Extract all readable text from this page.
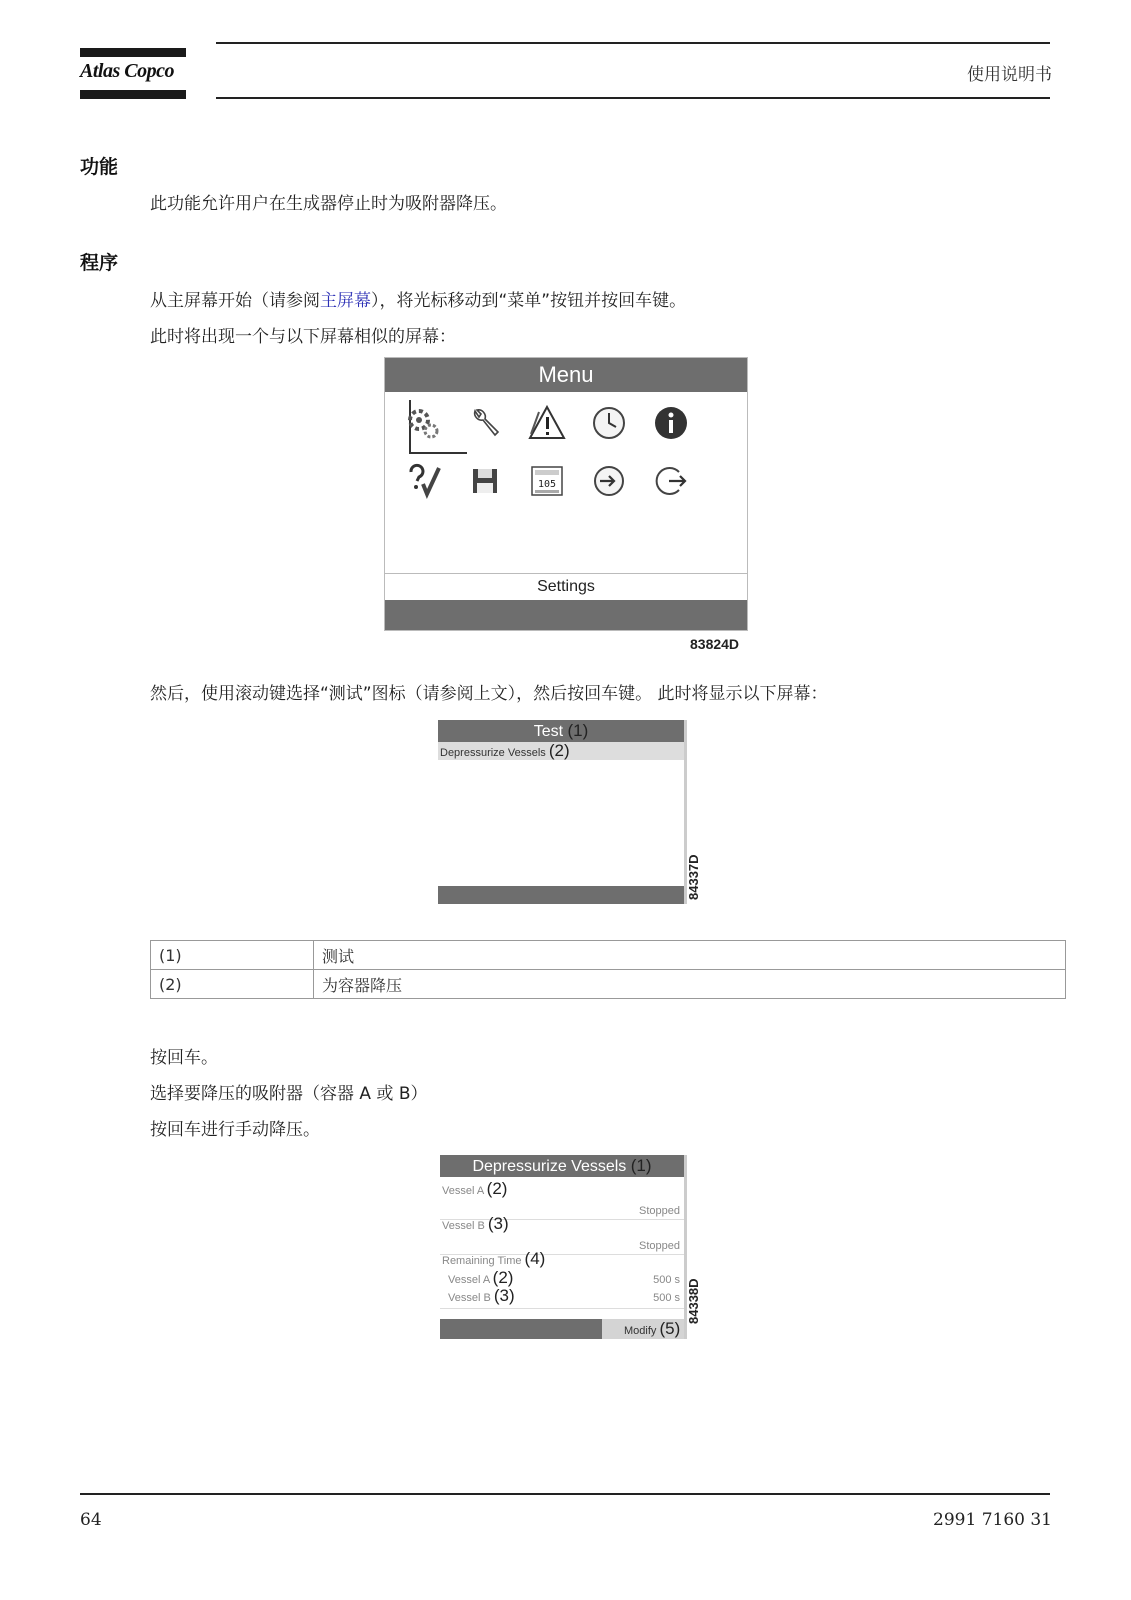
Atlas Copco	使用说明书
功能
此功能允许用户在生成器停止时为吸附器降压。
程序
从主屏幕开始（请参阅主屏幕），将光标移动到“菜单”按钮并按回车键。
此时将出现一个与以下屏幕相似的屏幕：
Menu
105
Settings
83824D
然后，使用滚动键选择“测试”图标（请参阅上文），然后按回车键。 此时将显示以下屏幕：
Test (1)
Depressurize Vessels (2)
84337D
(1)	测试
(2)	为容器降压
按回车。
选择要降压的吸附器（容器 A 或 B）
按回车进行手动降压。
Depressurize Vessels (1)
Vessel A (2)
Stopped
Vessel B (3)
Stopped
Remaining Time (4)
Vessel A (2)	500 s
Vessel B (3)	500 s
Modify (5)
84338D
64	2991 7160 31
